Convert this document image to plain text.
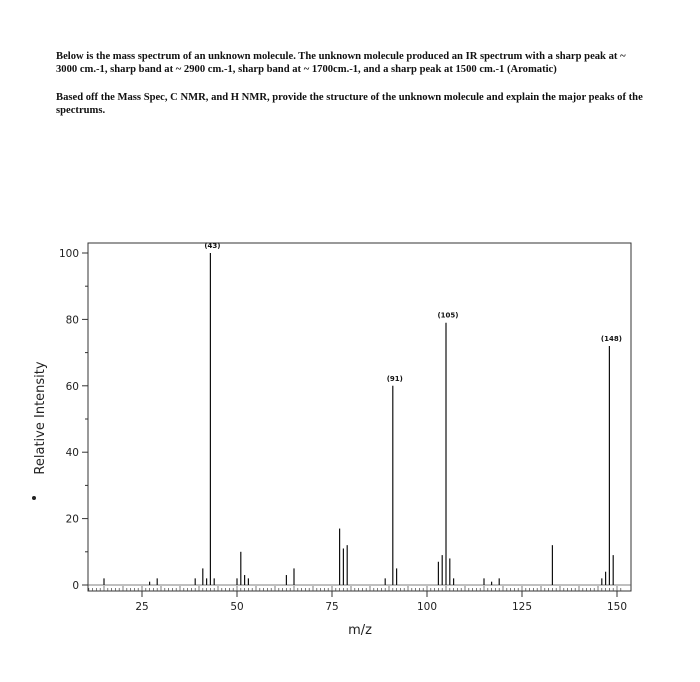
Below is the mass spectrum of an unknown molecule. The unknown molecule produced an IR spectrum with a sharp peak at ~ 3000 cm.-1, sharp band at ~ 2900 cm.-1, sharp band at ~ 1700cm.-1, and a sharp peak at 1500 cm.-1 (Aromatic)

Based off the Mass Spec, C NMR, and H NMR, provide the structure of the unknown molecule and explain the major peaks of the spectrums.

0
20
40
60
80
100
25	50	75	100	125	150
(43)
(91)
(105)
(148)
m/z
Relative Intensity
